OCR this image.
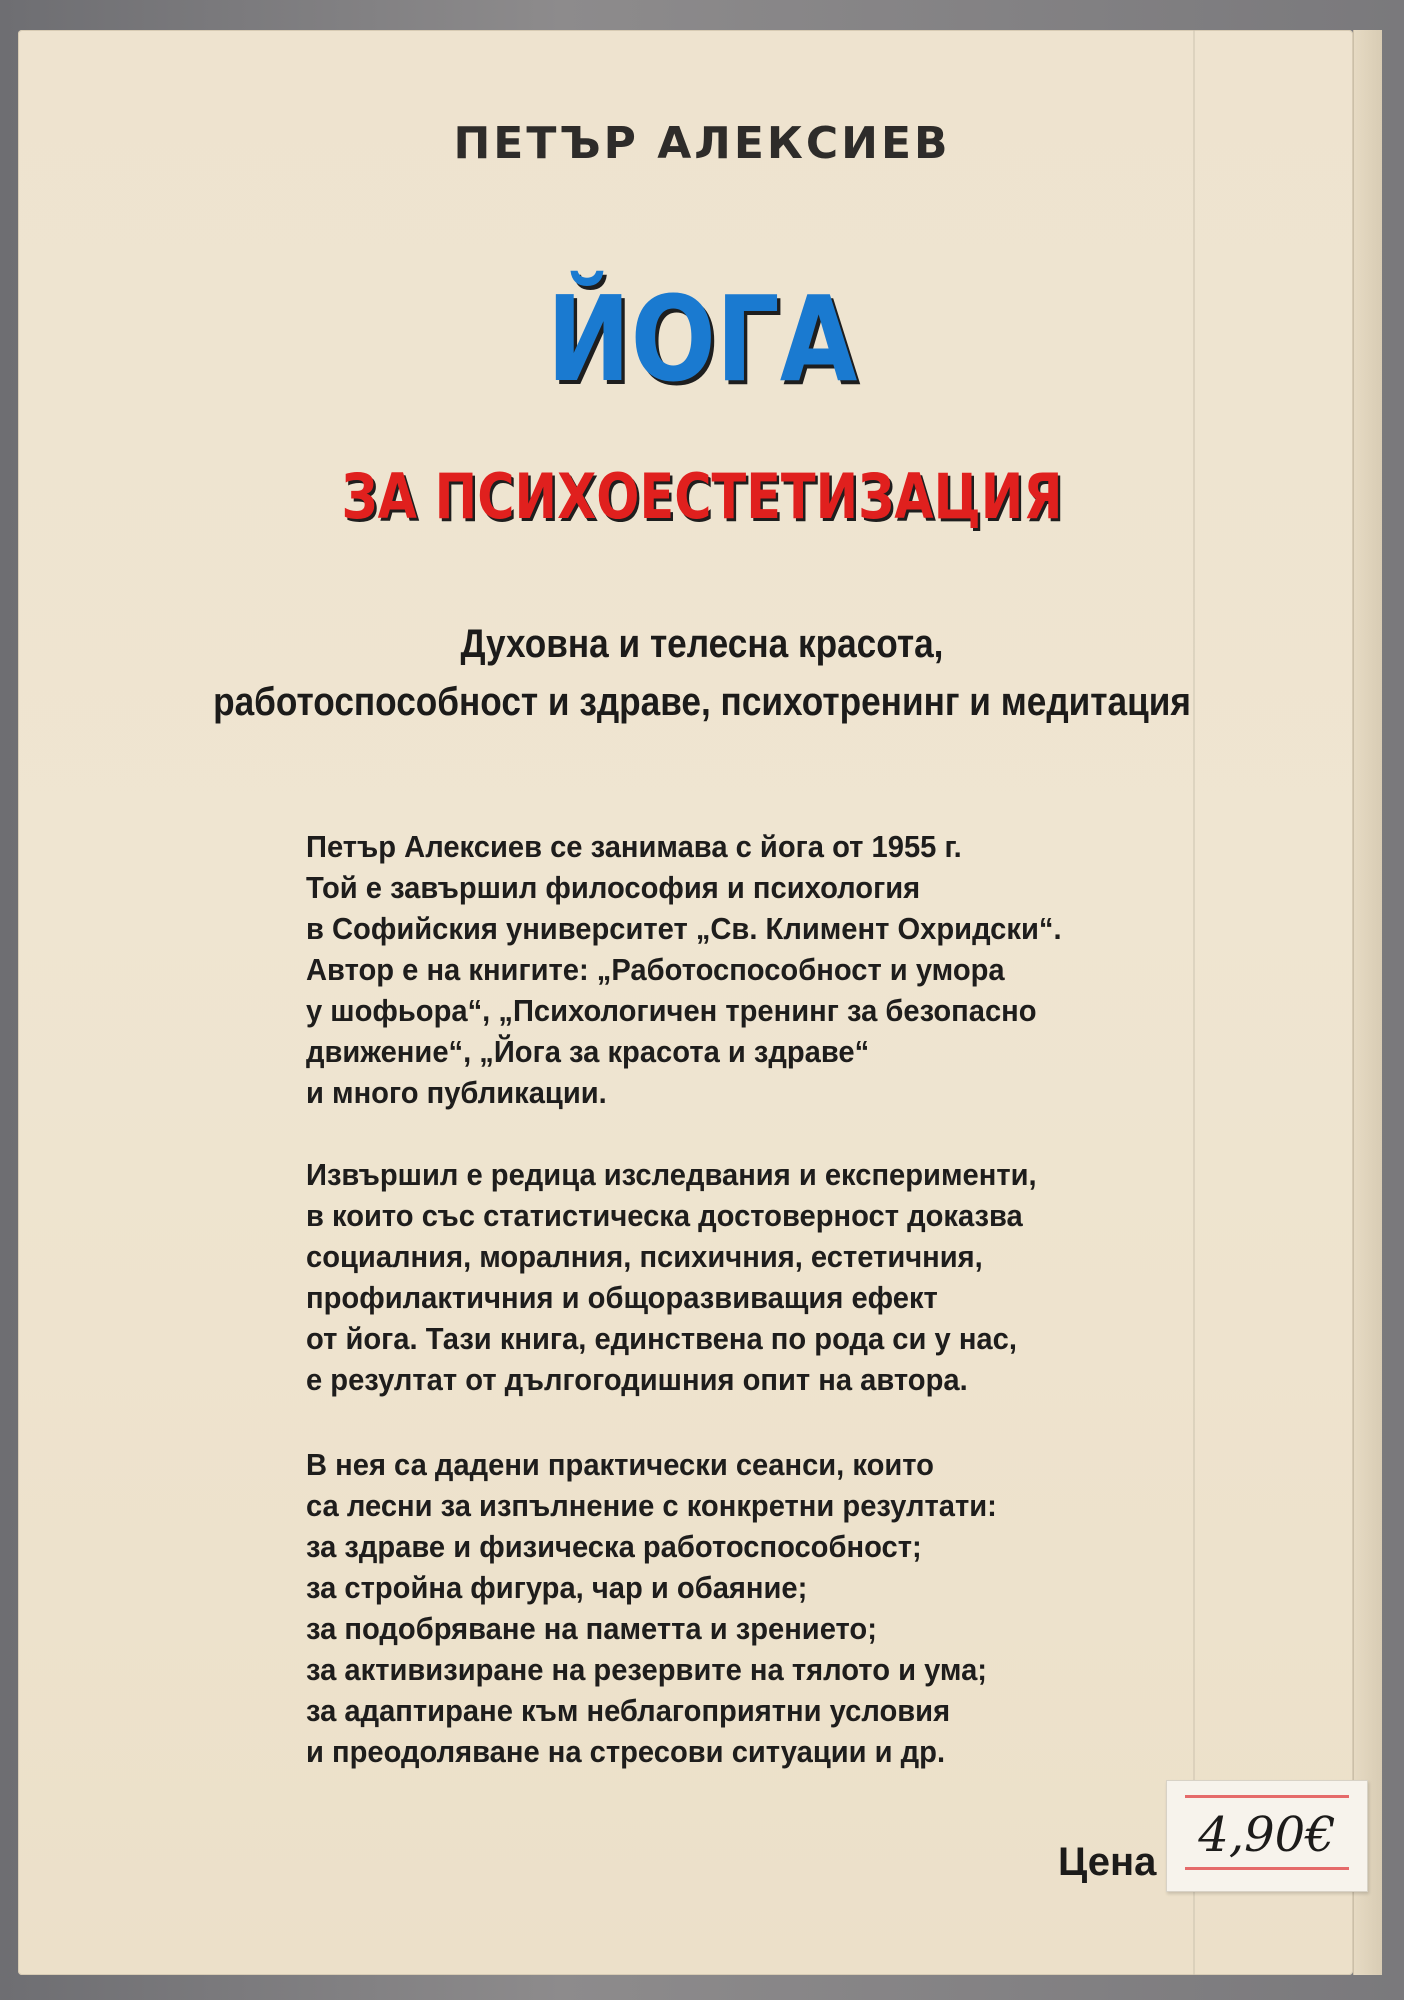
ПЕТЪР АЛЕКСИЕВ
ЙОГА
ЗА ПСИХОЕСТЕТИЗАЦИЯ
Духовна и телесна красота,
работоспособност и здраве, психотренинг и медитация
Петър Алексиев се занимава с йога от 1955 г.
Той е завършил философия и психология
в Софийския университет „Св. Климент Охридски“.
Автор е на книгите: „Работоспособност и умора
у шофьора“, „Психологичен тренинг за безопасно
движение“, „Йога за красота и здраве“
и много публикации.
Извършил е редица изследвания и експерименти,
в които със статистическа достоверност доказва
социалния, моралния, психичния, естетичния,
профилактичния и общоразвиващия ефект
от йога. Тази книга, единствена по рода си у нас,
е резултат от дългогодишния опит на автора.
В нея са дадени практически сеанси, които
са лесни за изпълнение с конкретни резултати:
за здраве и физическа работоспособност;
за стройна фигура, чар и обаяние;
за подобряване на паметта и зрението;
за активизиране на резервите на тялото и ума;
за адаптиране към неблагоприятни условия
и преодоляване на стресови ситуации и др.
Цена 4,90€
